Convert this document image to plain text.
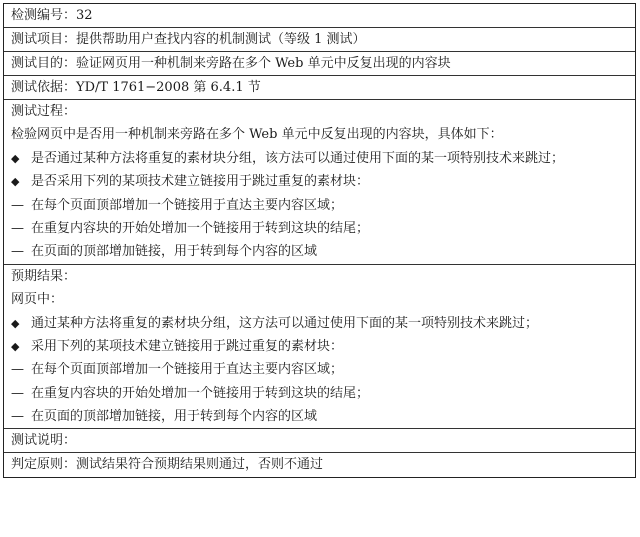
检测编号：32
测试项目：提供帮助用户查找内容的机制测试（等级 1 测试）
测试目的：验证网页用一种机制来旁路在多个 Web 单元中反复出现的内容块
测试依据：YD/T 1761−2008 第 6.4.1 节
测试过程：
检验网页中是否用一种机制来旁路在多个 Web 单元中反复出现的内容块，具体如下：
◆ 是否通过某种方法将重复的素材块分组，该方法可以通过使用下面的某一项特别技术来跳过；
◆ 是否采用下列的某项技术建立链接用于跳过重复的素材块：
— 在每个页面顶部增加一个链接用于直达主要内容区域；
— 在重复内容块的开始处增加一个链接用于转到这块的结尾；
— 在页面的顶部增加链接，用于转到每个内容的区域
预期结果：
网页中：
◆ 通过某种方法将重复的素材块分组，这方法可以通过使用下面的某一项特别技术来跳过；
◆ 采用下列的某项技术建立链接用于跳过重复的素材块：
— 在每个页面顶部增加一个链接用于直达主要内容区域；
— 在重复内容块的开始处增加一个链接用于转到这块的结尾；
— 在页面的顶部增加链接，用于转到每个内容的区域
测试说明：
判定原则：测试结果符合预期结果则通过，否则不通过
